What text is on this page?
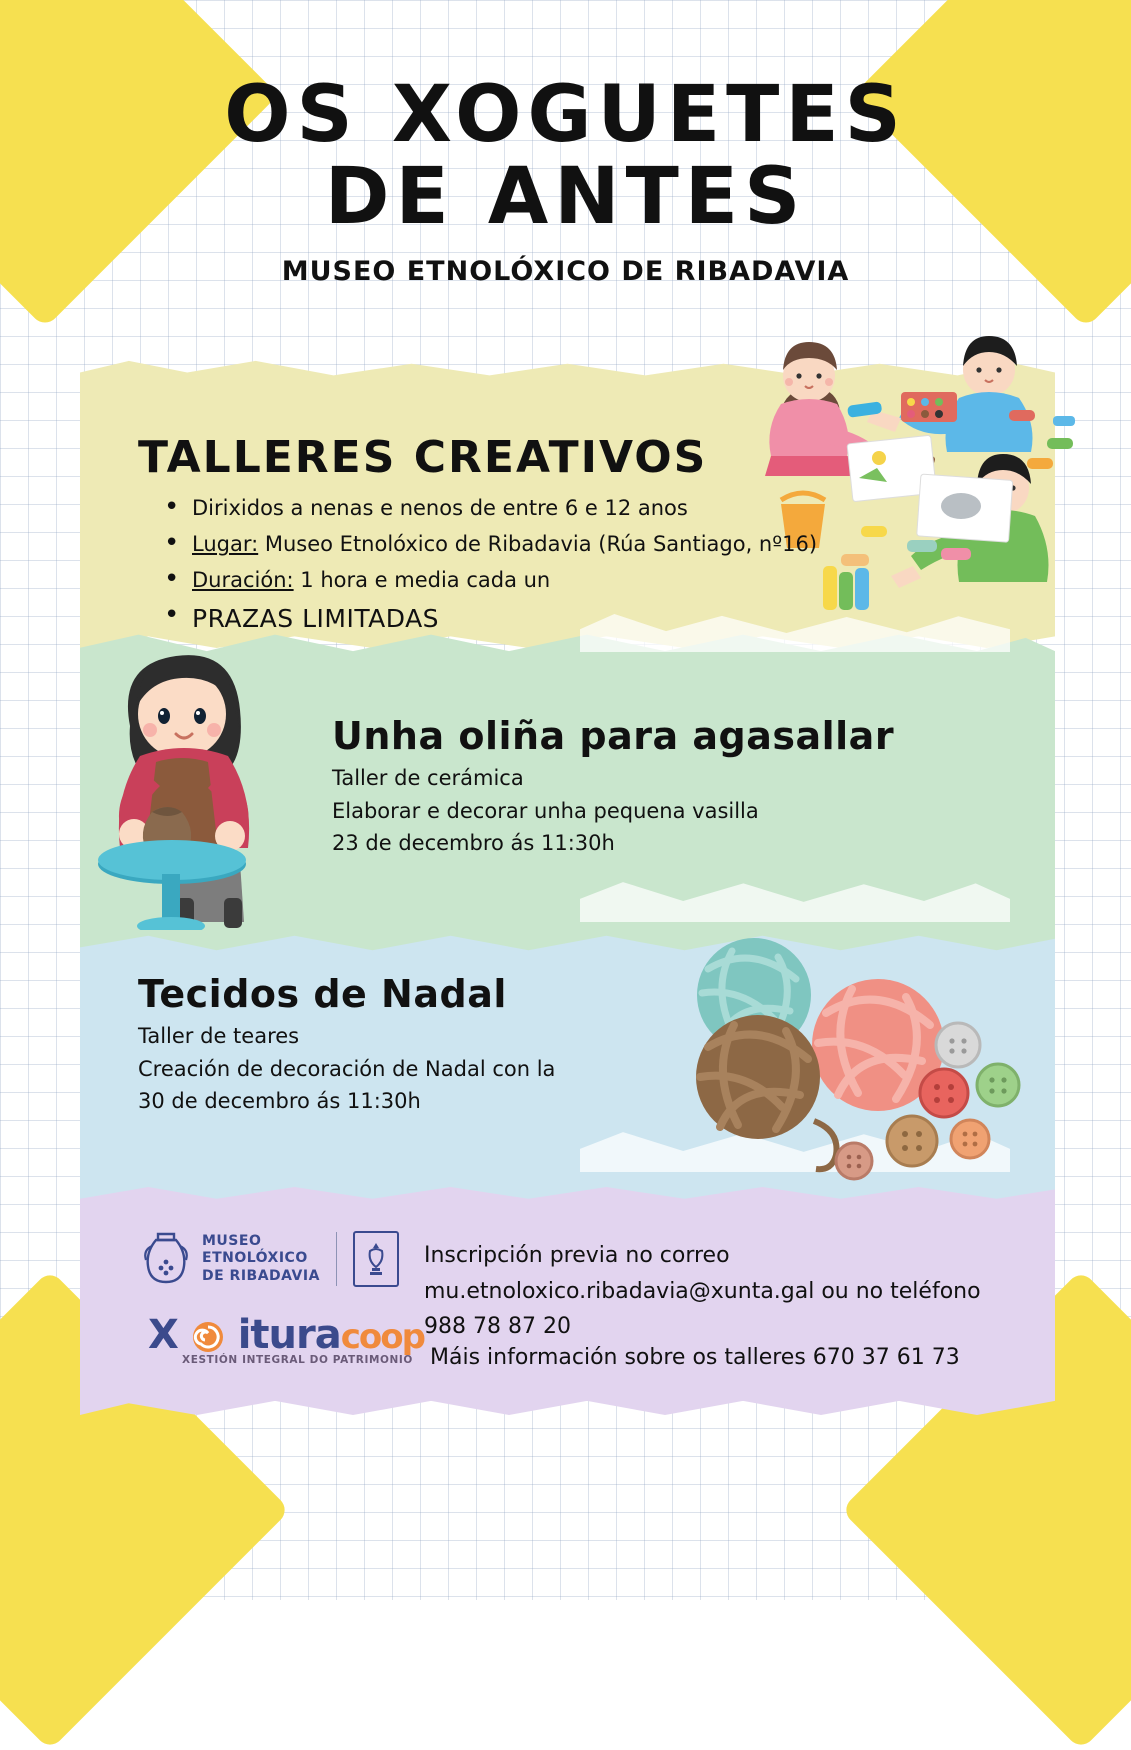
OS XOGUETES
DE ANTES
MUSEO ETNOLÓXICO DE RIBADAVIA
TALLERES CREATIVOS
• Dirixidos a nenas e nenos de entre 6 e 12 anos
• Lugar: Museo Etnolóxico de Ribadavia (Rúa Santiago, nº16)
• Duración: 1 hora e media cada un
• PRAZAS LIMITADAS
Unha oliña para agasallar
Taller de cerámica
Elaborar e decorar unha pequena vasilla
23 de decembro ás 11:30h
Tecidos de Nadal
Taller de teares
Creación de decoración de Nadal con la
30 de decembro ás 11:30h
Inscripción previa no correo
mu.etnoloxico.ribadavia@xunta.gal ou no teléfono
988 78 87 20
Máis información sobre os talleres 670 37 61 73
MUSEO
ETNOLÓXICO
DE RIBADAVIA
X ituracoop
XESTIÓN INTEGRAL DO PATRIMONIO
